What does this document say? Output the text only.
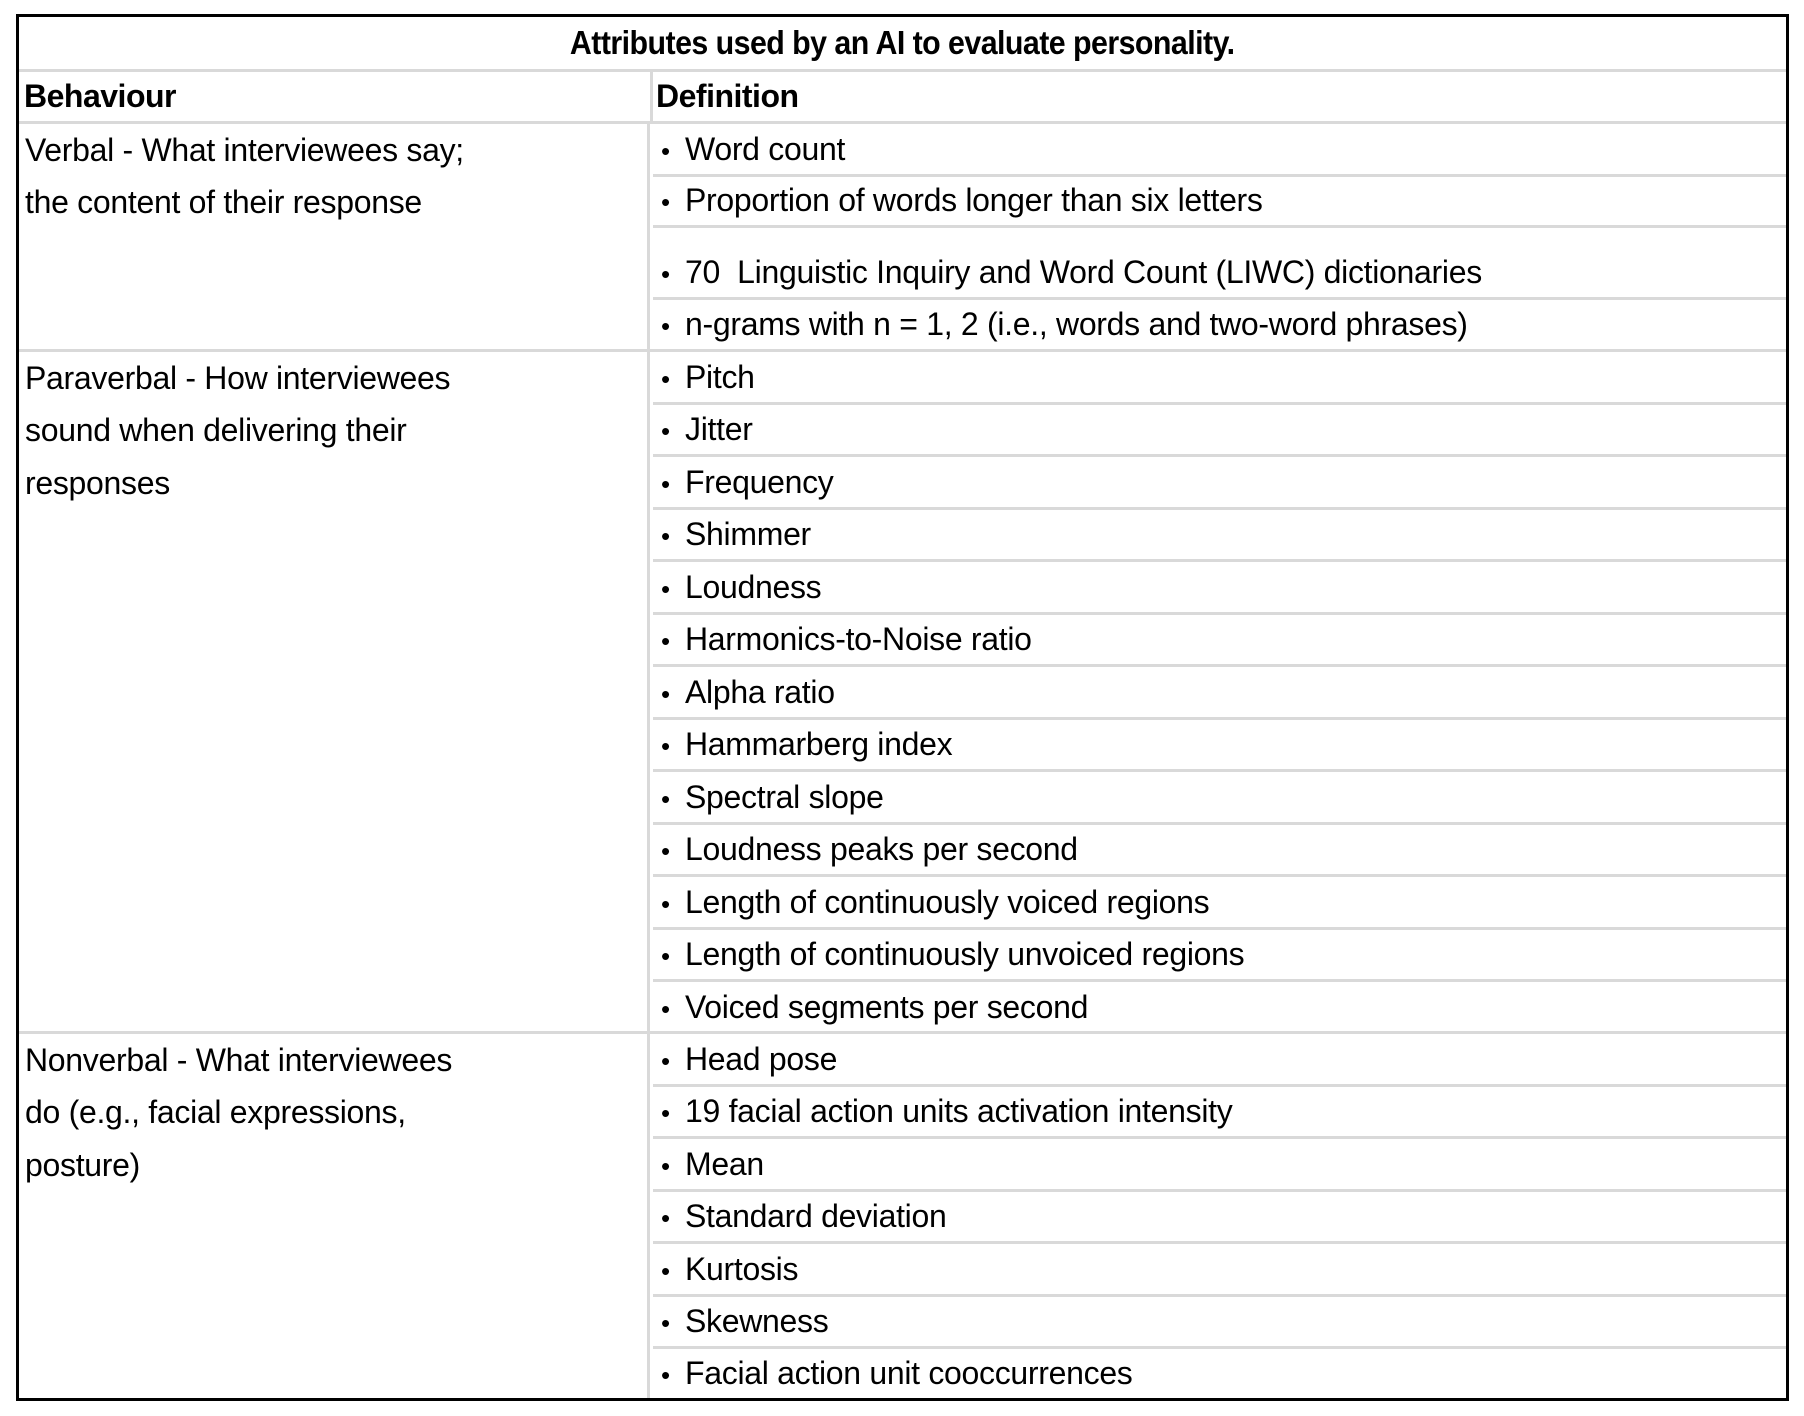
Attributes used by an AI to evaluate personality.
Behaviour	Definition
Verbal - What interviewees say;
the content of their response
• Word count
• Proportion of words longer than six letters
• 70  Linguistic Inquiry and Word Count (LIWC) dictionaries
• n-grams with n = 1, 2 (i.e., words and two-word phrases)
Paraverbal - How interviewees
sound when delivering their
responses
• Pitch
• Jitter
• Frequency
• Shimmer
• Loudness
• Harmonics-to-Noise ratio
• Alpha ratio
• Hammarberg index
• Spectral slope
• Loudness peaks per second
• Length of continuously voiced regions
• Length of continuously unvoiced regions
• Voiced segments per second
Nonverbal - What interviewees
do (e.g., facial expressions,
posture)
• Head pose
• 19 facial action units activation intensity
• Mean
• Standard deviation
• Kurtosis
• Skewness
• Facial action unit cooccurrences
